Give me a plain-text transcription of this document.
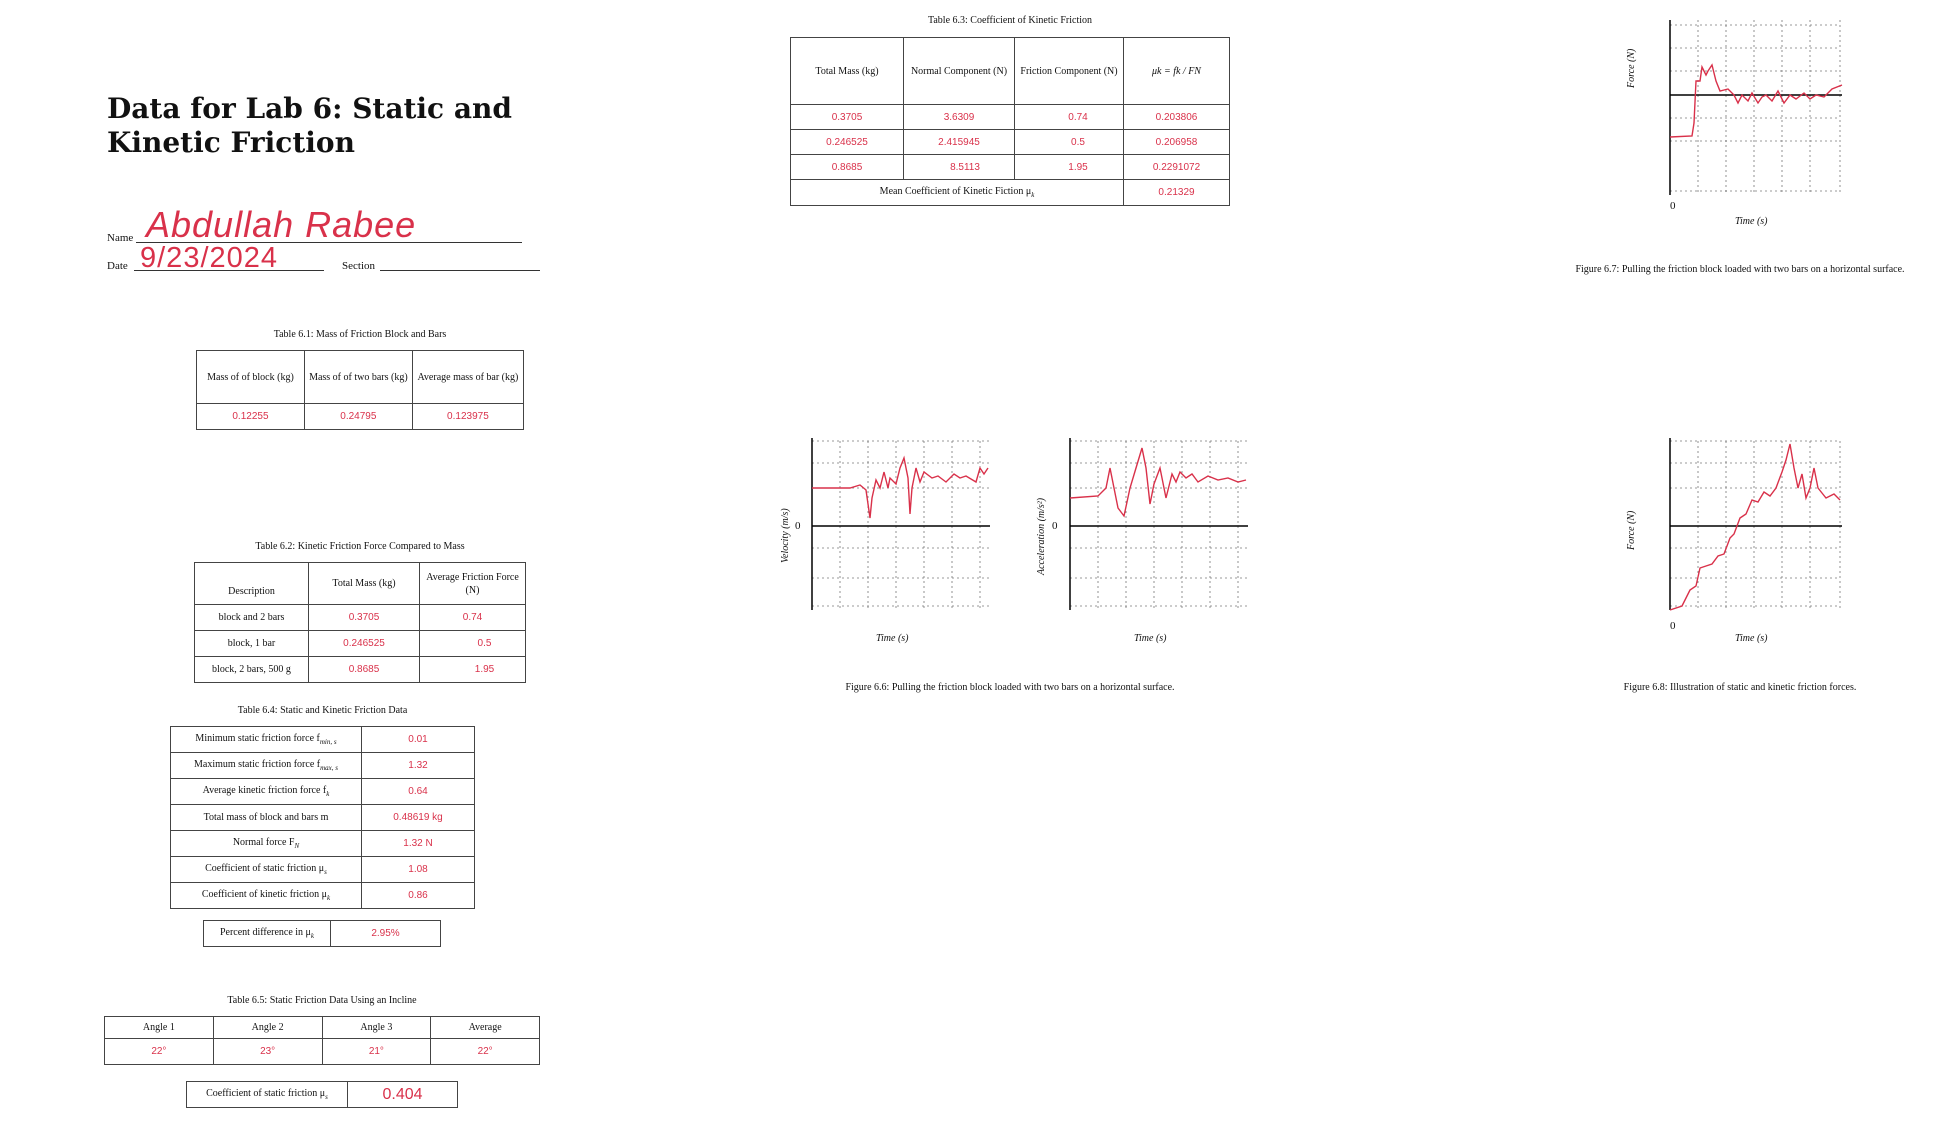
Data for Lab 6: Static and Kinetic Friction
Name Abdullah Rabee
Date 9/23/2024	Section
Table 6.1: Mass of Friction Block and Bars
Mass of of block (kg)	Mass of of two bars (kg)	Average mass of bar (kg)
0.12255	0.24795	0.123975
Table 6.2: Kinetic Friction Force Compared to Mass
Description	Total Mass (kg)	Average Friction Force (N)
block and 2 bars	0.3705	0.74
block, 1 bar	0.246525	0.5
block, 2 bars, 500 g	0.8685	1.95
Table 6.4: Static and Kinetic Friction Data
Minimum static friction force $f_{min, s}$	0.01
Maximum static friction force $f_{max, s}$	1.32
Average kinetic friction force $f_k$	0.64
Total mass of block and bars m	0.48619 kg
Normal force $F_N$	1.32 N
Coefficient of static friction $\mu_s$	1.08
Coefficient of kinetic friction $\mu_k$	0.86
Percent difference in $\mu_k$	2.95%
Table 6.5: Static Friction Data Using an Incline
Angle 1	Angle 2	Angle 3	Average
22°	23°	21°	22°
Coefficient of static friction $\mu_s$	0.404
Table 6.3: Coefficient of Kinetic Friction
Total Mass (kg)	Normal Component (N)	Friction Component (N)	μk = fk / FN
0.3705	3.6309	0.74	0.203806
0.246525	2.415945	0.5	0.206958
0.8685	8.5113	1.95	0.2291072
Mean Coefficient of Kinetic Fiction $\mu_k$			0.21329
Force (N)
0
Time (s)
Figure 6.7: Pulling the friction block loaded with two bars on a horizontal surface.
0
Velocity (m/s)
Time (s)
0
Acceleration (m/s²)
Time (s)
Figure 6.6: Pulling the friction block loaded with two bars on a horizontal surface.
0
Force (N)
Time (s)
Figure 6.8: Illustration of static and kinetic friction forces.
